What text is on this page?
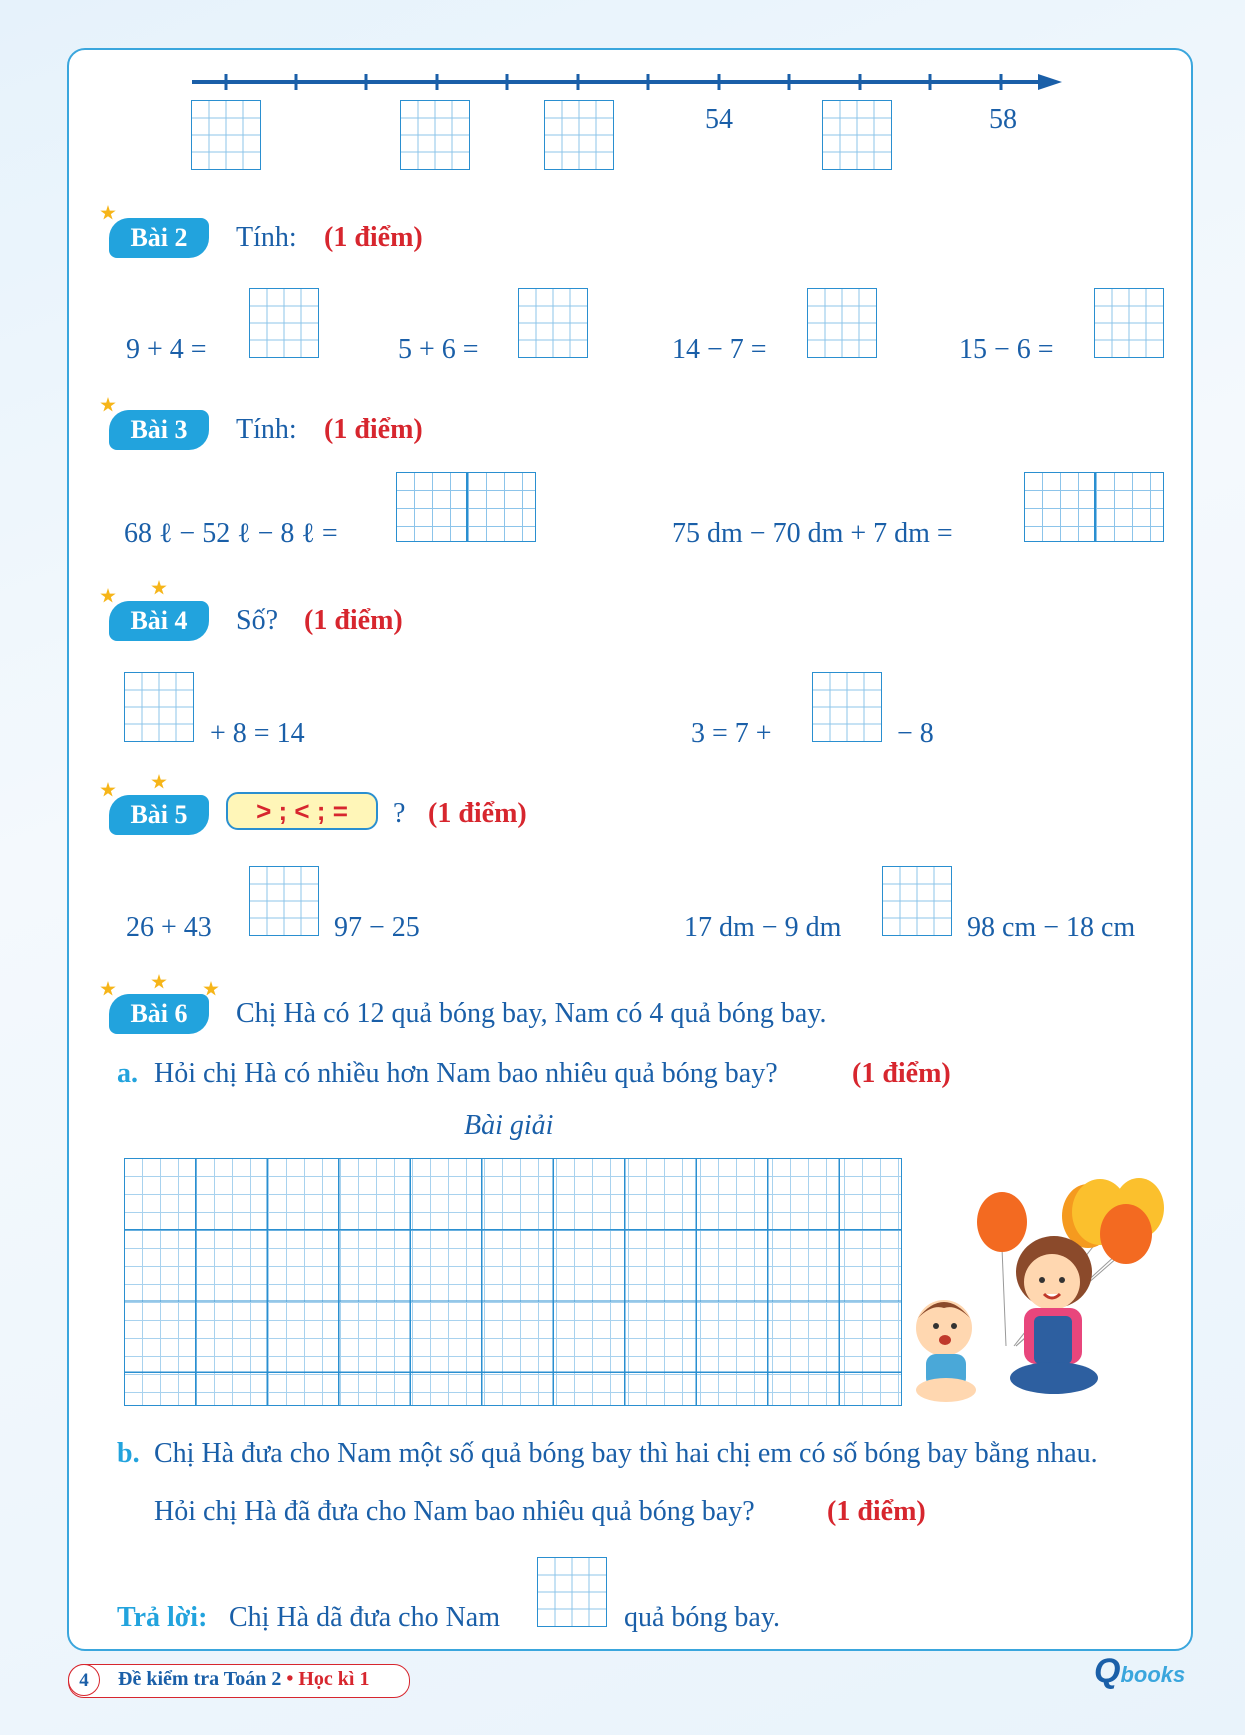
54	58
Bài 2	Tính: (1 điểm)
9 + 4 =	5 + 6 =	14 − 7 =	15 − 6 =
Bài 3	Tính: (1 điểm)
68 ℓ − 52 ℓ − 8 ℓ =	75 dm − 70 dm + 7 dm =
Bài 4	Số? (1 điểm)
+ 8 = 14	3 = 7 +	− 8
Bài 5	> ; < ; =	? (1 điểm)
26 + 43	97 − 25	17 dm − 9 dm	98 cm − 18 cm
Bài 6	Chị Hà có 12 quả bóng bay, Nam có 4 quả bóng bay.
a. Hỏi chị Hà có nhiều hơn Nam bao nhiêu quả bóng bay?	(1 điểm)
Bài giải
b. Chị Hà đưa cho Nam một số quả bóng bay thì hai chị em có số bóng bay bằng nhau.
Hỏi chị Hà đã đưa cho Nam bao nhiêu quả bóng bay?	(1 điểm)
Trả lời: Chị Hà dã đưa cho Nam	quả bóng bay.
4	Đề kiểm tra Toán 2 • Học kì 1	Qbooks
